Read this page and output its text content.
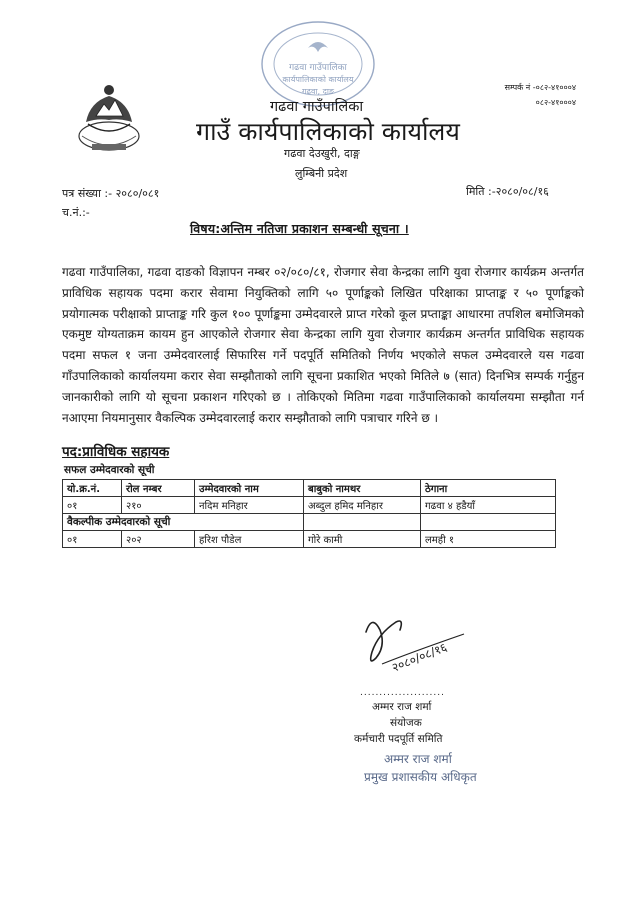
गढवा गाउँपालिका
कार्यपालिकाको कार्यालय
गढवा, दाङ
गढवा गाउँपालिका
गाउँ कार्यपालिकाको कार्यालय
गढवा देउखुरी, दाङ्ग
लुम्बिनी प्रदेश
सम्पर्क नं -०८२-४१०००४
०८२-४१०००४
पत्र संख्या :- २०८०/०८१
च.नं.:-
मिति :-२०८०/०८/१६
विषय:अन्तिम नतिजा प्रकाशन सम्बन्धी सूचना ।

गढवा गाउँपालिका, गढवा दाङको विज्ञापन नम्बर ०२/०८०/८१, रोजगार सेवा केन्द्रका लागि युवा रोजगार कार्यक्रम अन्तर्गत प्राविधिक सहायक पदमा करार सेवामा नियुक्तिको लागि ५० पूर्णाङ्कको लिखित परिक्षाका प्राप्ताङ्क र ५० पूर्णाङ्कको प्रयोगात्मक परीक्षाको प्राप्ताङ्क गरि कुल १०० पूर्णाङ्कमा उम्मेदवारले प्राप्त गरेको कूल प्रप्ताङ्का आधारमा तपशिल बमोजिमको एकमुष्ट योग्यताक्रम कायम हुन आएकोले रोजगार सेवा केन्द्रका लागि युवा रोजगार कार्यक्रम अन्तर्गत प्राविधिक सहायक पदमा सफल १ जना उम्मेदवारलाई सिफारिस गर्ने पदपूर्ति समितिको निर्णय भएकोले सफल उम्मेदवारले यस गढवा गाँउपालिकाको कार्यालयमा करार सेवा सम्झौताको लागि सूचना प्रकाशित भएको मितिले ७ (सात) दिनभित्र सम्पर्क गर्नुहुन जानकारीको लागि यो सूचना प्रकाशन गरिएको छ । तोकिएको मितिमा गढवा गाउँपालिकाको कार्यालयमा सम्झौता गर्न नआएमा नियमानुसार वैकल्पिक उम्मेदवारलाई करार सम्झौताको लागि पत्राचार गरिने छ ।

पद:प्राविधिक सहायक
सफल उम्मेदवारको सूची
यो.क्र.नं.	रोल नम्बर	उम्मेदवारको नाम	बाबुको नामथर	ठेगाना
०१	२१०	नदिम मनिहार	अब्दुल हमिद मनिहार	गढवा ४ हडैयाँ
वैकल्पीक उम्मेदवारको सूची				
०१	२०२	हरिश पौडेल	गोरे कामी	लमही १
२०८०/०८/१६
......................
अम्मर राज शर्मा
संयोजक
कर्मचारी पदपूर्ति समिति
अम्मर राज शर्मा
प्रमुख प्रशासकीय अधिकृत
